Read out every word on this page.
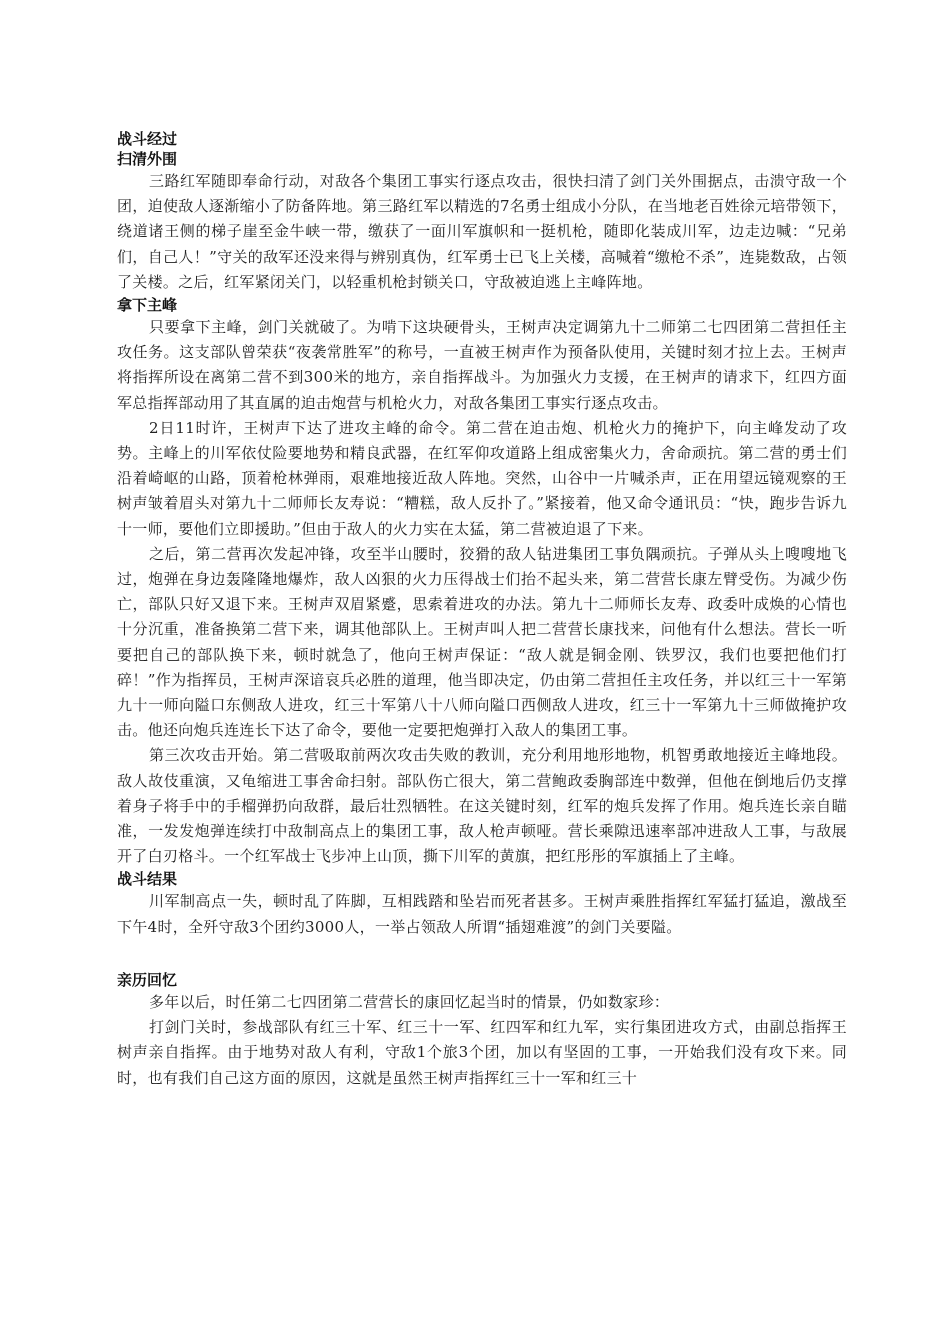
战斗经过
扫清外围

三路红军随即奉命行动，对敌各个集团工事实行逐点攻击，很快扫清了剑门关外围据点，击溃守敌一个团，迫使敌人逐渐缩小了防备阵地。第三路红军以精选的7名勇士组成小分队，在当地老百姓徐元培带领下，绕道诸王侧的梯子崖至金牛峡一带，缴获了一面川军旗帜和一挺机枪，随即化装成川军，边走边喊：“兄弟们，自己人！”守关的敌军还没来得与辨别真伪，红军勇士已飞上关楼，高喊着“缴枪不杀”，连毙数敌，占领了关楼。之后，红军紧闭关门，以轻重机枪封锁关口，守敌被迫逃上主峰阵地。

拿下主峰

只要拿下主峰，剑门关就破了。为啃下这块硬骨头，王树声决定调第九十二师第二七四团第二营担任主攻任务。这支部队曾荣获“夜袭常胜军”的称号，一直被王树声作为预备队使用，关键时刻才拉上去。王树声将指挥所设在离第二营不到300米的地方，亲自指挥战斗。为加强火力支援，在王树声的请求下，红四方面军总指挥部动用了其直属的迫击炮营与机枪火力，对敌各集团工事实行逐点攻击。

2日11时许，王树声下达了进攻主峰的命令。第二营在迫击炮、机枪火力的掩护下，向主峰发动了攻势。主峰上的川军依仗险要地势和精良武器，在红军仰攻道路上组成密集火力，舍命顽抗。第二营的勇士们沿着崎岖的山路，顶着枪林弹雨，艰难地接近敌人阵地。突然，山谷中一片喊杀声，正在用望远镜观察的王树声皱着眉头对第九十二师师长友寿说：“糟糕，敌人反扑了。”紧接着，他又命令通讯员：“快，跑步告诉九十一师，要他们立即援助。”但由于敌人的火力实在太猛，第二营被迫退了下来。

之后，第二营再次发起冲锋，攻至半山腰时，狡猾的敌人钻进集团工事负隅顽抗。子弹从头上嗖嗖地飞过，炮弹在身边轰隆隆地爆炸，敌人凶狠的火力压得战士们抬不起头来，第二营营长康左臂受伤。为减少伤亡，部队只好又退下来。王树声双眉紧蹙，思索着进攻的办法。第九十二师师长友寿、政委叶成焕的心情也十分沉重，准备换第二营下来，调其他部队上。王树声叫人把二营营长康找来，问他有什么想法。营长一听要把自己的部队换下来，顿时就急了，他向王树声保证：“敌人就是铜金刚、铁罗汉，我们也要把他们打碎！”作为指挥员，王树声深谙哀兵必胜的道理，他当即决定，仍由第二营担任主攻任务，并以红三十一军第九十一师向隘口东侧敌人进攻，红三十军第八十八师向隘口西侧敌人进攻，红三十一军第九十三师做掩护攻击。他还向炮兵连连长下达了命令，要他一定要把炮弹打入敌人的集团工事。

第三次攻击开始。第二营吸取前两次攻击失败的教训，充分利用地形地物，机智勇敢地接近主峰地段。敌人故伎重演，又龟缩进工事舍命扫射。部队伤亡很大，第二营鲍政委胸部连中数弹，但他在倒地后仍支撑着身子将手中的手榴弹扔向敌群，最后壮烈牺牲。在这关键时刻，红军的炮兵发挥了作用。炮兵连长亲自瞄准，一发发炮弹连续打中敌制高点上的集团工事，敌人枪声顿哑。营长乘隙迅速率部冲进敌人工事，与敌展开了白刃格斗。一个红军战士飞步冲上山顶，撕下川军的黄旗，把红彤彤的军旗插上了主峰。

战斗结果

川军制高点一失，顿时乱了阵脚，互相践踏和坠岩而死者甚多。王树声乘胜指挥红军猛打猛追，激战至下午4时，全歼守敌3个团约3000人，一举占领敌人所谓“插翅难渡”的剑门关要隘。

亲历回忆

多年以后，时任第二七四团第二营营长的康回忆起当时的情景，仍如数家珍：

打剑门关时，参战部队有红三十军、红三十一军、红四军和红九军，实行集团进攻方式，由副总指挥王树声亲自指挥。由于地势对敌人有利，守敌1个旅3个团，加以有坚固的工事，一开始我们没有攻下来。同时，也有我们自己这方面的原因，这就是虽然王树声指挥红三十一军和红三十
